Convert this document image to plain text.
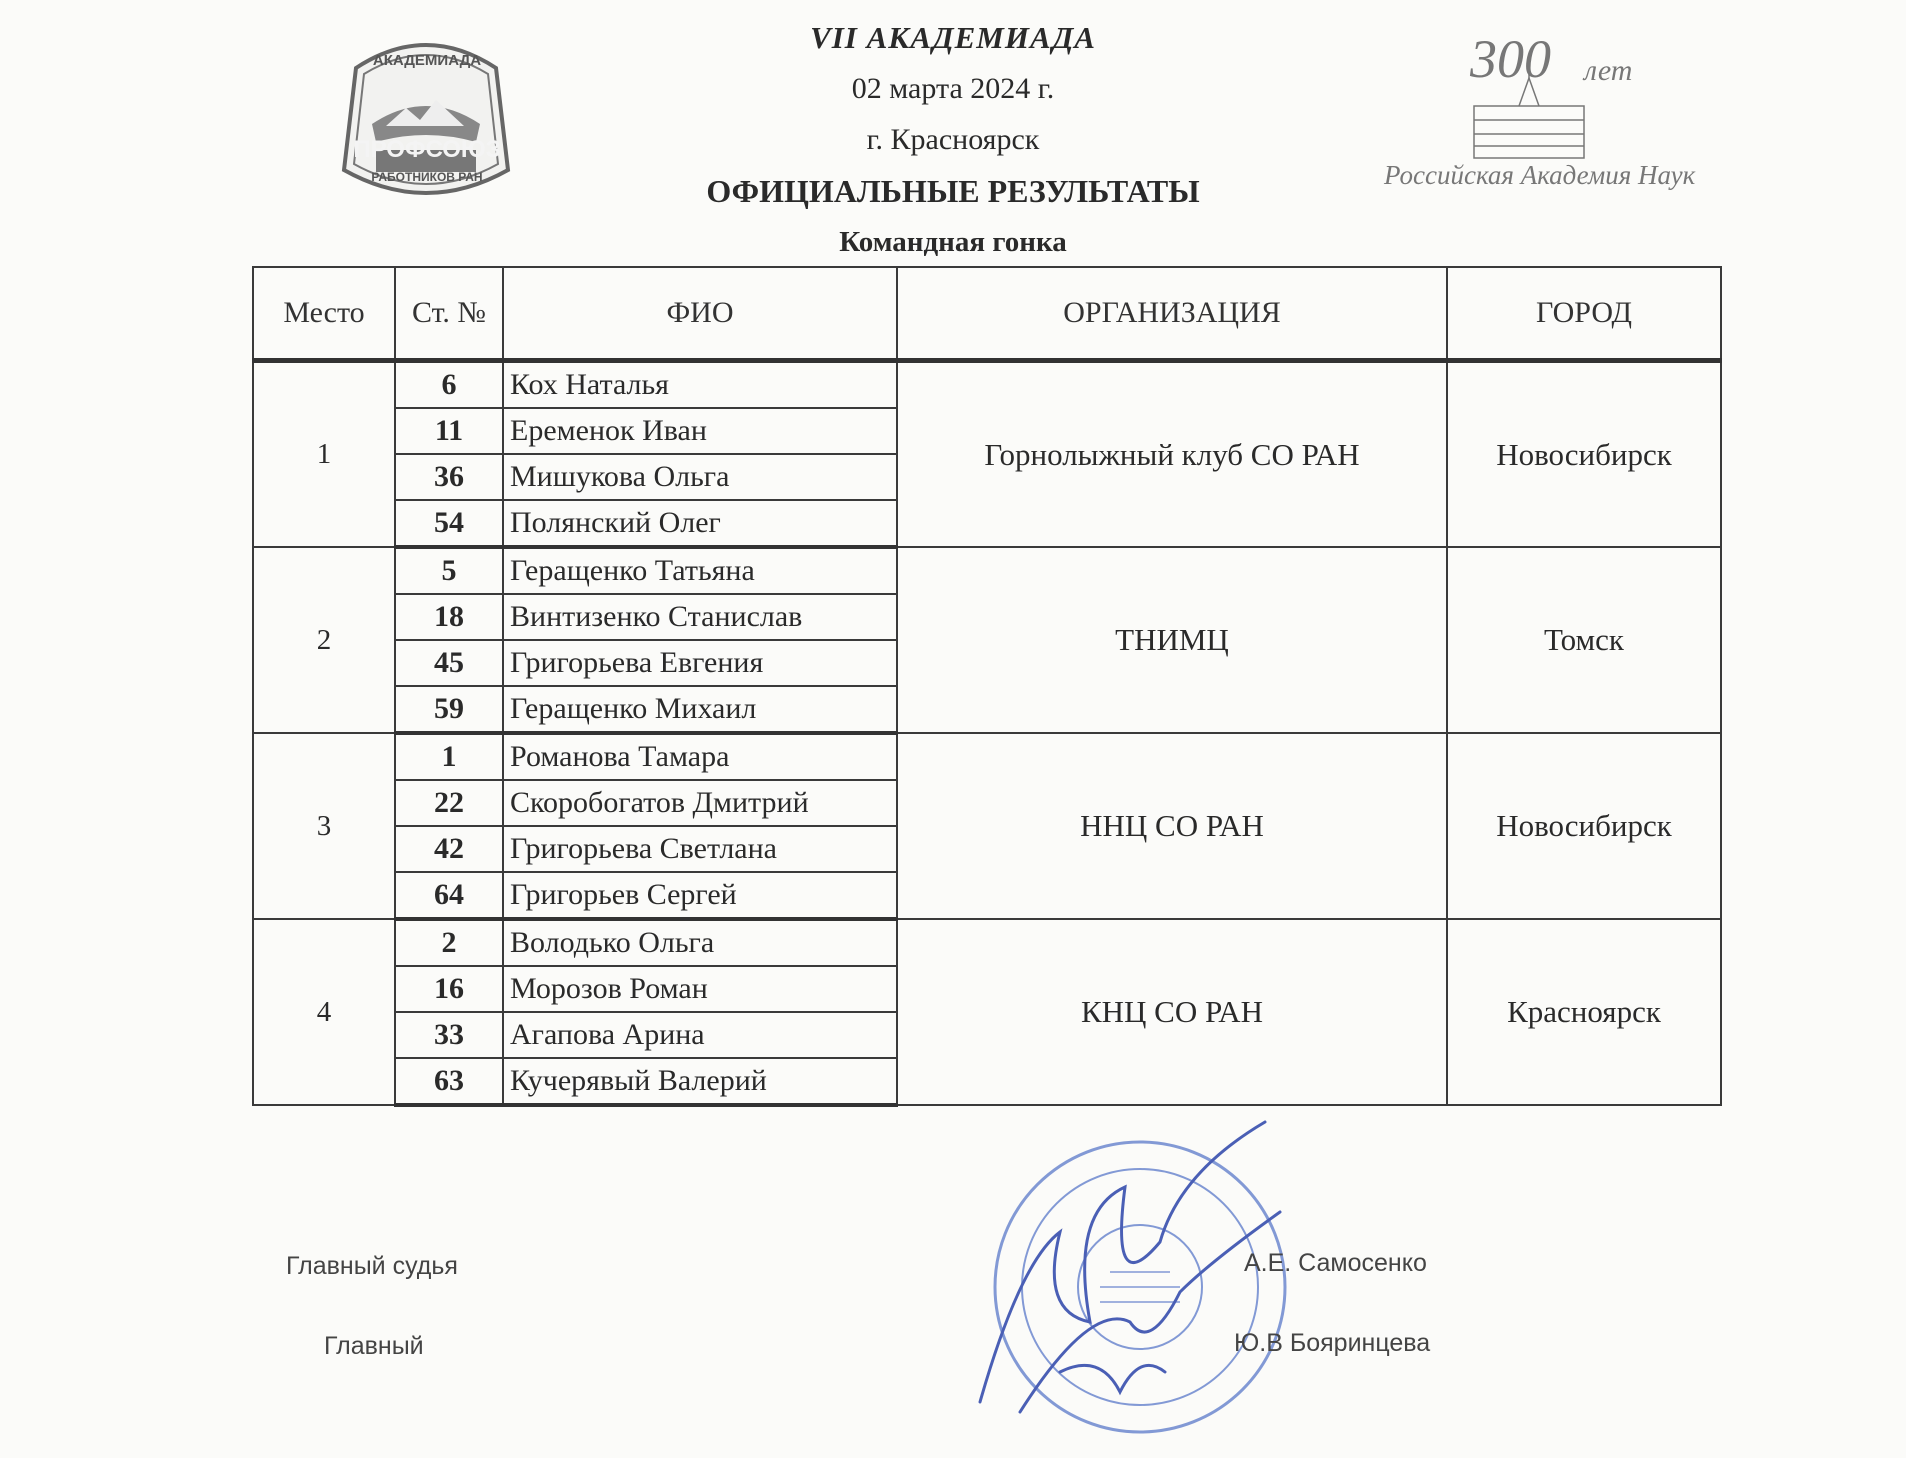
VII АКАДЕМИАДА
02 марта 2024 г.
г. Красноярск
ОФИЦИАЛЬНЫЕ РЕЗУЛЬТАТЫ
Командная гонка
АКАДЕМИАДА
ПРОФСОЮЗ
РАБОТНИКОВ РАН
300 лет
Российская Академия Наук
Место	Ст. №	ФИО	ОРГАНИЗАЦИЯ	ГОРОД
1	6	Кох Наталья	Горнолыжный клуб СО РАН	Новосибирск
	11	Еременок Иван		
	36	Мишукова Ольга		
	54	Полянский Олег		
2	5	Геращенко Татьяна	ТНИМЦ	Томск
	18	Винтизенко Станислав		
	45	Григорьева Евгения		
	59	Геращенко Михаил		
3	1	Романова Тамара	ННЦ СО РАН	Новосибирск
	22	Скоробогатов Дмитрий		
	42	Григорьева Светлана		
	64	Григорьев Сергей		
4	2	Володько Ольга	КНЦ СО РАН	Красноярск
	16	Морозов Роман		
	33	Агапова Арина		
	63	Кучерявый Валерий		
Главный судья	А.Е. Самосенко
Главный	Ю.В Бояринцева
